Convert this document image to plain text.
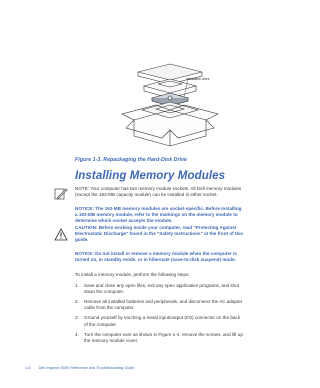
hard-disk drive
Figure 1-3. Repackaging the Hard-Disk Drive
Installing Memory Modules
NOTE: Your computer has two memory module sockets. All Dell memory modules (except the 192-MB capacity module) can be installed in either socket.
NOTICE: The 192-MB memory modules are socket-specific. Before installing a 192-MB memory module, refer to the markings on the memory module to determine which socket accepts the module.
CAUTION: Before working inside your computer, read "Protecting Against Electrostatic Discharge" found in the "Safety Instructions" at the front of this guide.
NOTICE: Do not install or remove a memory module when the computer is turned on, in standby mode, or in hibernate (save-to-disk suspend) mode.
To install a memory module, perform the following steps:
1.	Save and close any open files, exit any open application programs, and shut down the computer.
2.	Remove all installed batteries and peripherals, and disconnect the AC adapter cable from the computer.
3.	Ground yourself by touching a metal input/output (I/O) connector on the back of the computer.
4.	Turn the computer over as shown in Figure 1-4, remove the screws, and lift up the memory module cover.
1-6 Dell Inspiron 5000 Reference and Troubleshooting Guide
